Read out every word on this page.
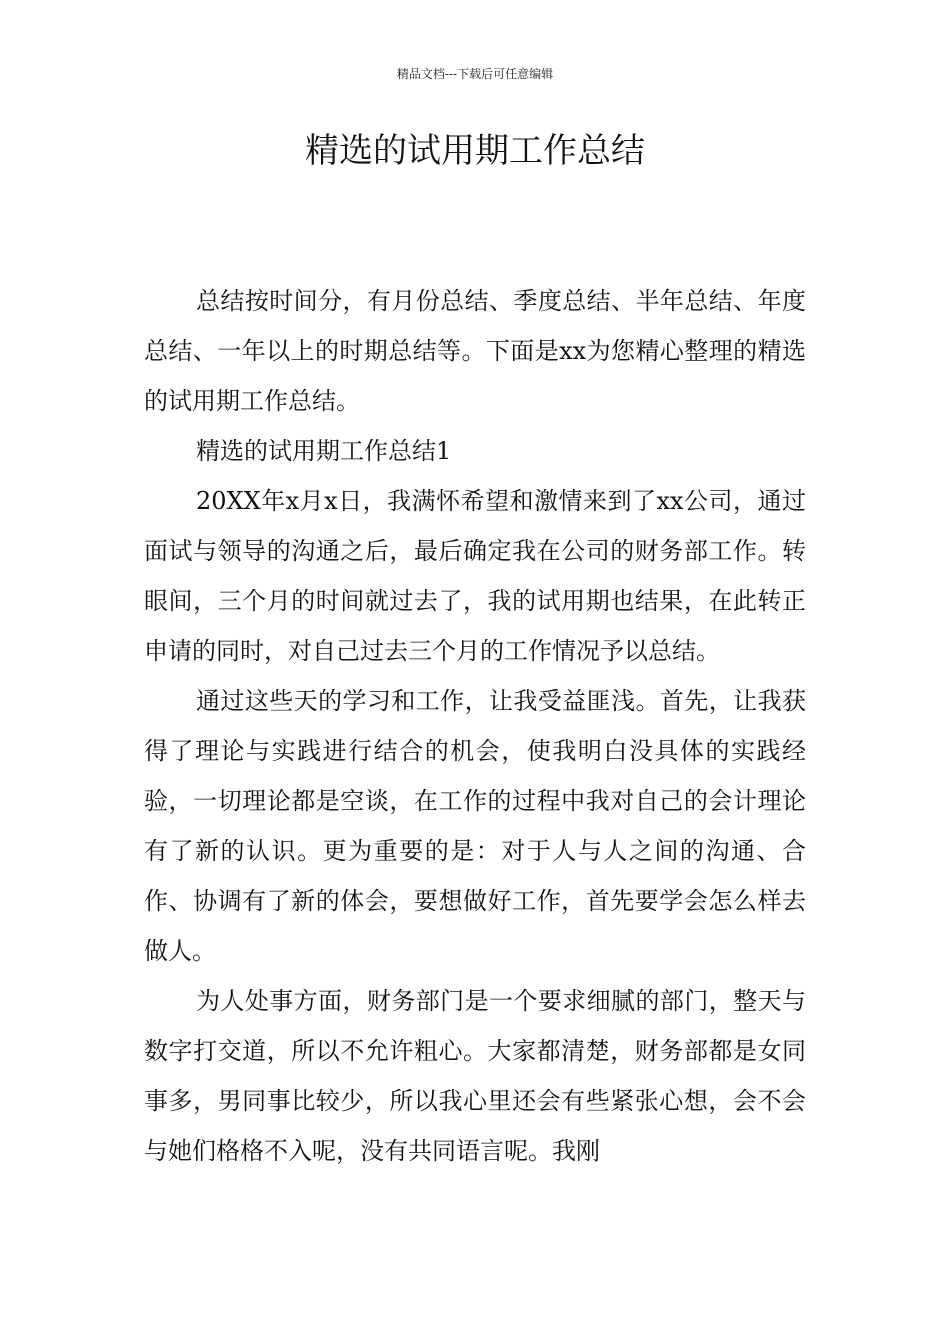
精品文档---下载后可任意编辑
精选的试用期工作总结

总结按时间分，有月份总结、季度总结、半年总结、年度总结、一年以上的时期总结等。下面是xx为您精心整理的精选的试用期工作总结。

精选的试用期工作总结1

20XX年x月x日，我满怀希望和激情来到了xx公司，通过面试与领导的沟通之后，最后确定我在公司的财务部工作。转眼间，三个月的时间就过去了，我的试用期也结果，在此转正申请的同时，对自己过去三个月的工作情况予以总结。

通过这些天的学习和工作，让我受益匪浅。首先，让我获得了理论与实践进行结合的机会，使我明白没具体的实践经验，一切理论都是空谈，在工作的过程中我对自己的会计理论有了新的认识。更为重要的是：对于人与人之间的沟通、合作、协调有了新的体会，要想做好工作，首先要学会怎么样去做人。

为人处事方面，财务部门是一个要求细腻的部门，整天与数字打交道，所以不允许粗心。大家都清楚，财务部都是女同事多，男同事比较少，所以我心里还会有些紧张心想，会不会与她们格格不入呢，没有共同语言呢。我刚
